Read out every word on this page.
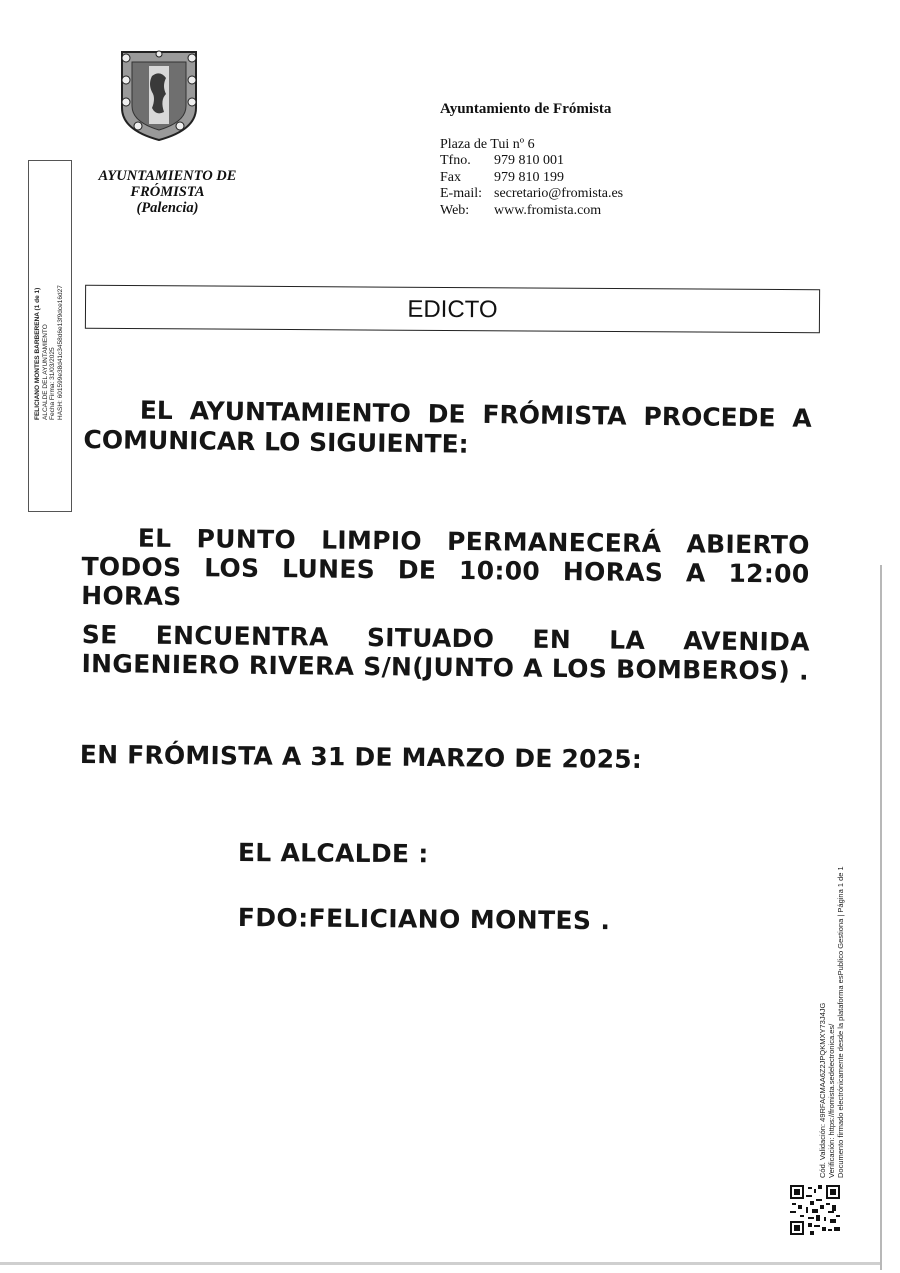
FELICIANO MONTES BARBERENA (1 de 1) ALCALDE DEL AYUNTAMIENTO Fecha Firma: 31/03/2025 HASH: 601599e38d41c3458d6e13f9dce16d27
AYUNTAMIENTO DE
FRÓMISTA
(Palencia)
Ayuntamiento de Frómista
Plaza de Tui nº 6
Tfno.	979 810 001
Fax	979 810 199
E-mail: secretario@fromista.es
Web:	www.fromista.com
EDICTO
EL AYUNTAMIENTO DE FRÓMISTA PROCEDE A COMUNICAR LO SIGUIENTE:
EL PUNTO LIMPIO PERMANECERÁ ABIERTO TODOS LOS LUNES DE 10:00 HORAS A 12:00 HORAS
SE ENCUENTRA SITUADO EN LA AVENIDA INGENIERO RIVERA S/N(JUNTO A LOS BOMBEROS) .
EN FRÓMISTA A 31 DE MARZO DE 2025:
EL ALCALDE :
FDO:FELICIANO MONTES .
Cód. Validación: 49RFACMAA6Z2JPQKMXY73J4JG Verificación: https://fromista.sedelectronica.es/ Documento firmado electrónicamente desde la plataforma esPublico Gestiona | Página 1 de 1
